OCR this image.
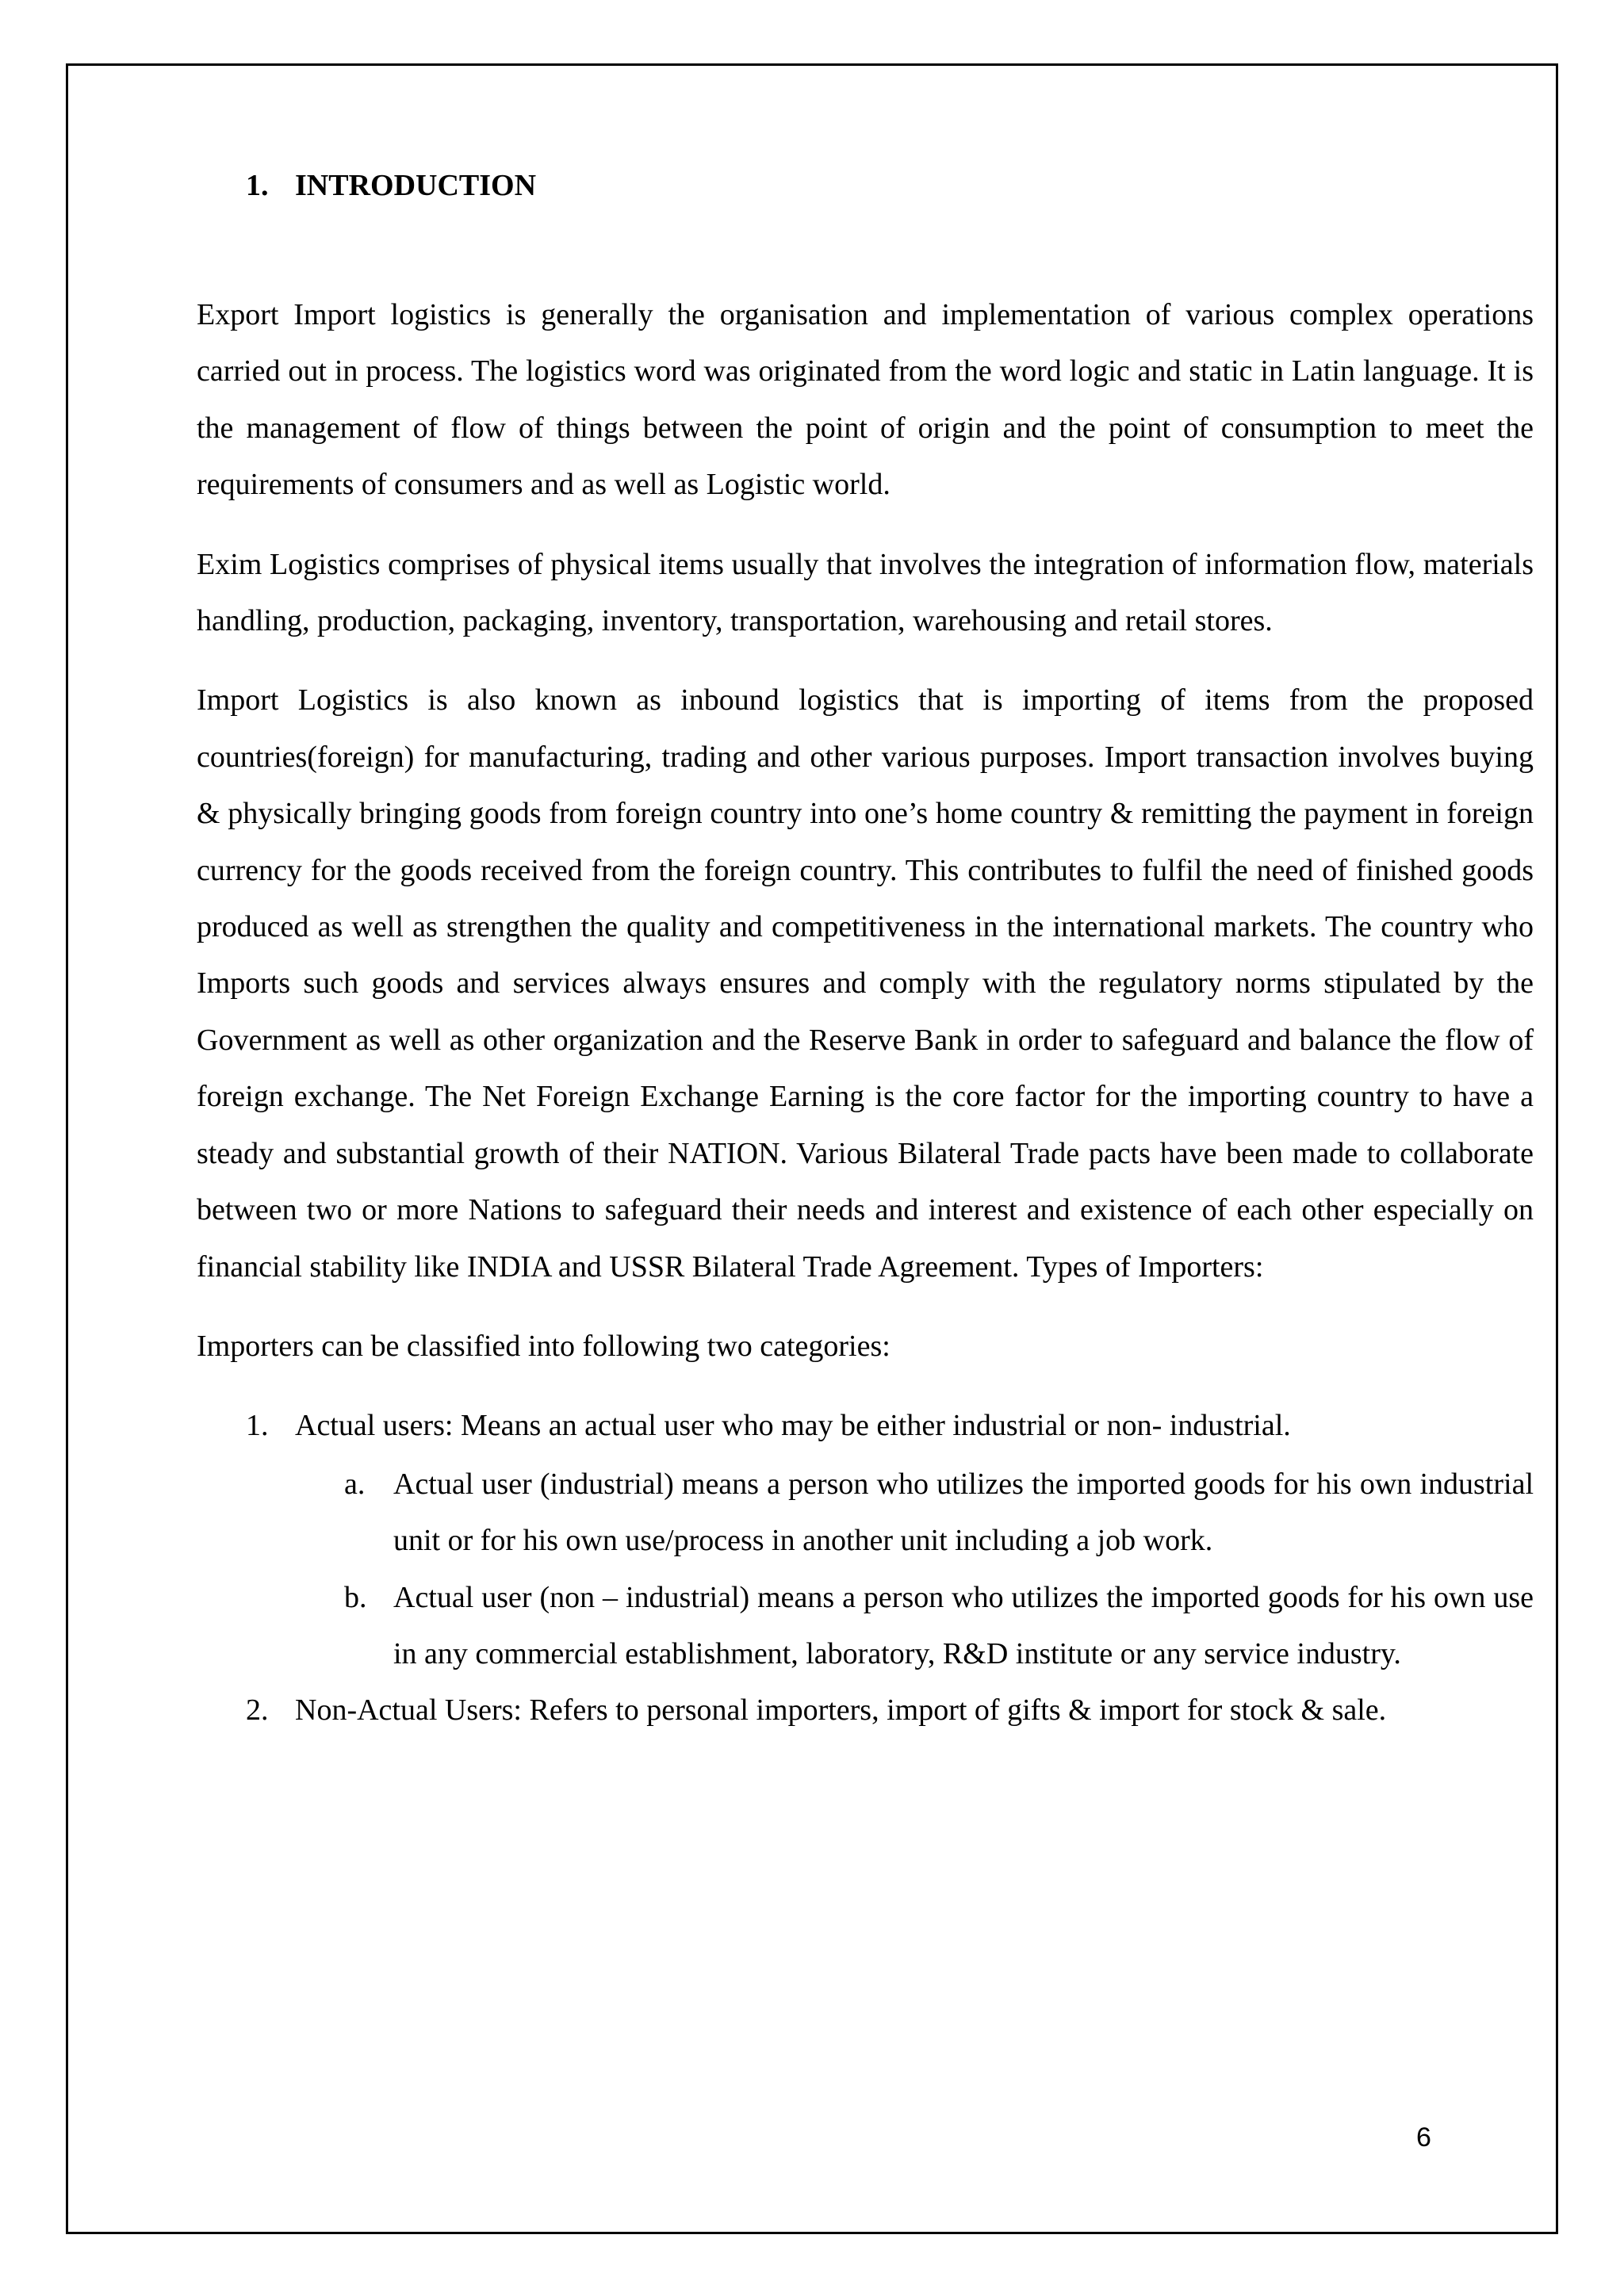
1. INTRODUCTION

Export Import logistics is generally the organisation and implementation of various complex operations carried out in process. The logistics word was originated from the word logic and static in Latin language. It is the management of flow of things between the point of origin and the point of consumption to meet the requirements of consumers and as well as Logistic world.

Exim Logistics comprises of physical items usually that involves the integration of information flow, materials handling, production, packaging, inventory, transportation, warehousing and retail stores.

Import Logistics is also known as inbound logistics that is importing of items from the proposed countries(foreign) for manufacturing, trading and other various purposes. Import transaction involves buying & physically bringing goods from foreign country into one’s home country & remitting the payment in foreign currency for the goods received from the foreign country. This contributes to fulfil the need of finished goods produced as well as strengthen the quality and competitiveness in the international markets. The country who Imports such goods and services always ensures and comply with the regulatory norms stipulated by the Government as well as other organization and the Reserve Bank in order to safeguard and balance the flow of foreign exchange. The Net Foreign Exchange Earning is the core factor for the importing country to have a steady and substantial growth of their NATION. Various Bilateral Trade pacts have been made to collaborate between two or more Nations to safeguard their needs and interest and existence of each other especially on financial stability like INDIA and USSR Bilateral Trade Agreement. Types of Importers:

Importers can be classified into following two categories:

1. Actual users: Means an actual user who may be either industrial or non- industrial.
a. Actual user (industrial) means a person who utilizes the imported goods for his own industrial unit or for his own use/process in another unit including a job work.
b. Actual user (non – industrial) means a person who utilizes the imported goods for his own use in any commercial establishment, laboratory, R&D institute or any service industry.
2. Non-Actual Users: Refers to personal importers, import of gifts & import for stock & sale.
6
